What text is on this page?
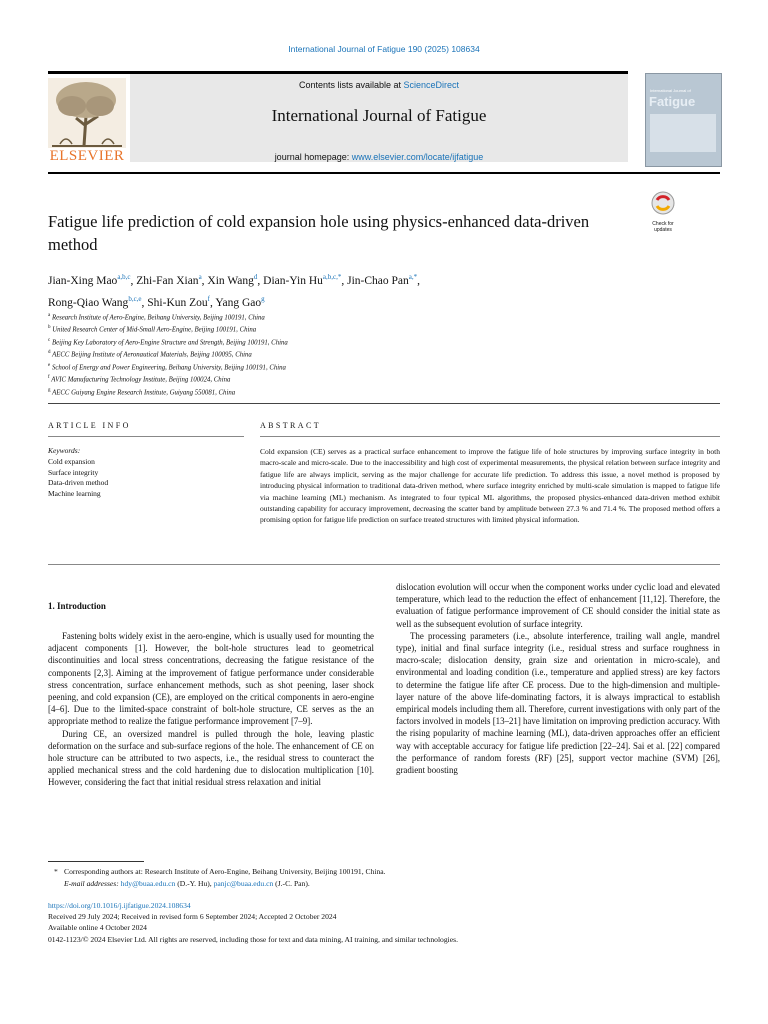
International Journal of Fatigue 190 (2025) 108634
ELSEVIER
Contents lists available at ScienceDirect
International Journal of Fatigue
journal homepage: www.elsevier.com/locate/ijfatigue
International Journal of
Fatigue
Fatigue life prediction of cold expansion hole using physics-enhanced data-driven method
Check for updates
Jian-Xing Mao$^{a,b,c}$, Zhi-Fan Xian$^a$, Xin Wang$^d$, Dian-Yin $Hu^{a,b,c,*}$, Jin-Chao Pan$^{a,*}$,
Rong-Qiao Wang$^{b,c,e}$, Shi-Kun Zou$^f$, Yang Gao$^g$
$^a$ Research Institute of Aero-Engine, Beihang University, Beijing 100191, China
$^b$ United Research Center of Mid-Small Aero-Engine, Beijing 100191, China
$^c$ Beijing Key Laboratory of Aero-Engine Structure and Strength, Beijing 100191, China
$^d$ AECC Beijing Institute of Aeronautical Materials, Beijing 100095, China
$^e$ School of Energy and Power Engineering, Beihang University, Beijing 100191, China
$^f$ AVIC Manufacturing Technology Institute, Beijing 100024, China
$^g$ AECC Guiyang Engine Research Institute, Guiyang 550081, China
ARTICLE INFO	ABSTRACT
Keywords:
Cold expansion
Surface integrity
Data-driven method
Machine learning
Cold expansion (CE) serves as a practical surface enhancement to improve the fatigue life of hole structures by improving surface integrity in both macro-scale and micro-scale. Due to the inaccessibility and high cost of experimental measurements, the physical relation between surface integrity and fatigue life are always implicit, serving as the major challenge for accurate life prediction. To address this issue, a novel method is proposed by introducing physical information to traditional data-driven method, where surface integrity enriched by multi-scale simulation is mapped to fatigue life via machine learning (ML) mechanism. As integrated to four typical ML algorithms, the proposed physics-enhanced data-driven method exhibit outstanding capability for accuracy improvement, decreasing the scatter band by amplitude between 27.3 % and 71.4 %. The proposed method offers a promising option for fatigue life prediction on surface treated structures with limited physical information.
1. Introduction

Fastening bolts widely exist in the aero-engine, which is usually used for mounting the adjacent components [1]. However, the bolt-hole structures lead to geometrical discontinuities and local stress concentrations, decreasing the fatigue resistance of the components [2,3]. Aiming at the improvement of fatigue performance under considerable stress concentration, surface enhancement methods, such as shot peening, laser shock peening, and cold expansion (CE), are employed on the critical components in aero-engine [4–6]. Due to the limited-space constraint of bolt-hole structure, CE serves as the an appropriate method to realize the fatigue performance improvement [7–9].

During CE, an oversized mandrel is pulled through the hole, leaving plastic deformation on the surface and sub-surface regions of the hole. The enhancement of CE on hole structure can be attributed to two aspects, i.e., the residual stress to counteract the applied mechanical stress and the cold hardening due to dislocation multiplication [10]. However, considering the fact that initial residual stress relaxation and initial

dislocation evolution will occur when the component works under cyclic load and elevated temperature, which lead to the reduction the effect of enhancement [11,12]. Therefore, the evaluation of fatigue performance improvement of CE should consider the initial state as well as the subsequent evolution of surface integrity.

The processing parameters (i.e., absolute interference, trailing wall angle, mandrel type), initial and final surface integrity (i.e., residual stress and surface roughness in macro-scale; dislocation density, grain size and orientation in micro-scale), and environmental and loading condition (i.e., temperature and applied stress) are key factors to determine the fatigue life after CE process. Due to the high-dimension and multiple-layer nature of the above life-dominating factors, it is always impractical to establish empirical models including them all. Therefore, current investigations with only part of the factors involved in models [13–21] have limitation on improving prediction accuracy. With the rising popularity of machine learning (ML), data-driven approaches offer an efficient way with acceptable accuracy for fatigue life prediction [22–24]. Sai et al. [22] compared the performance of random forests (RF) [25], support vector machine (SVM) [26], gradient boosting

* Corresponding authors at: Research Institute of Aero-Engine, Beihang University, Beijing 100191, China.
E-mail addresses: hdy@buaa.edu.cn (D.-Y. Hu), panjc@buaa.edu.cn (J.-C. Pan).
https://doi.org/10.1016/j.ijfatigue.2024.108634
Received 29 July 2024; Received in revised form 6 September 2024; Accepted 2 October 2024
Available online 4 October 2024
0142-1123/© 2024 Elsevier Ltd. All rights are reserved, including those for text and data mining, AI training, and similar technologies.
